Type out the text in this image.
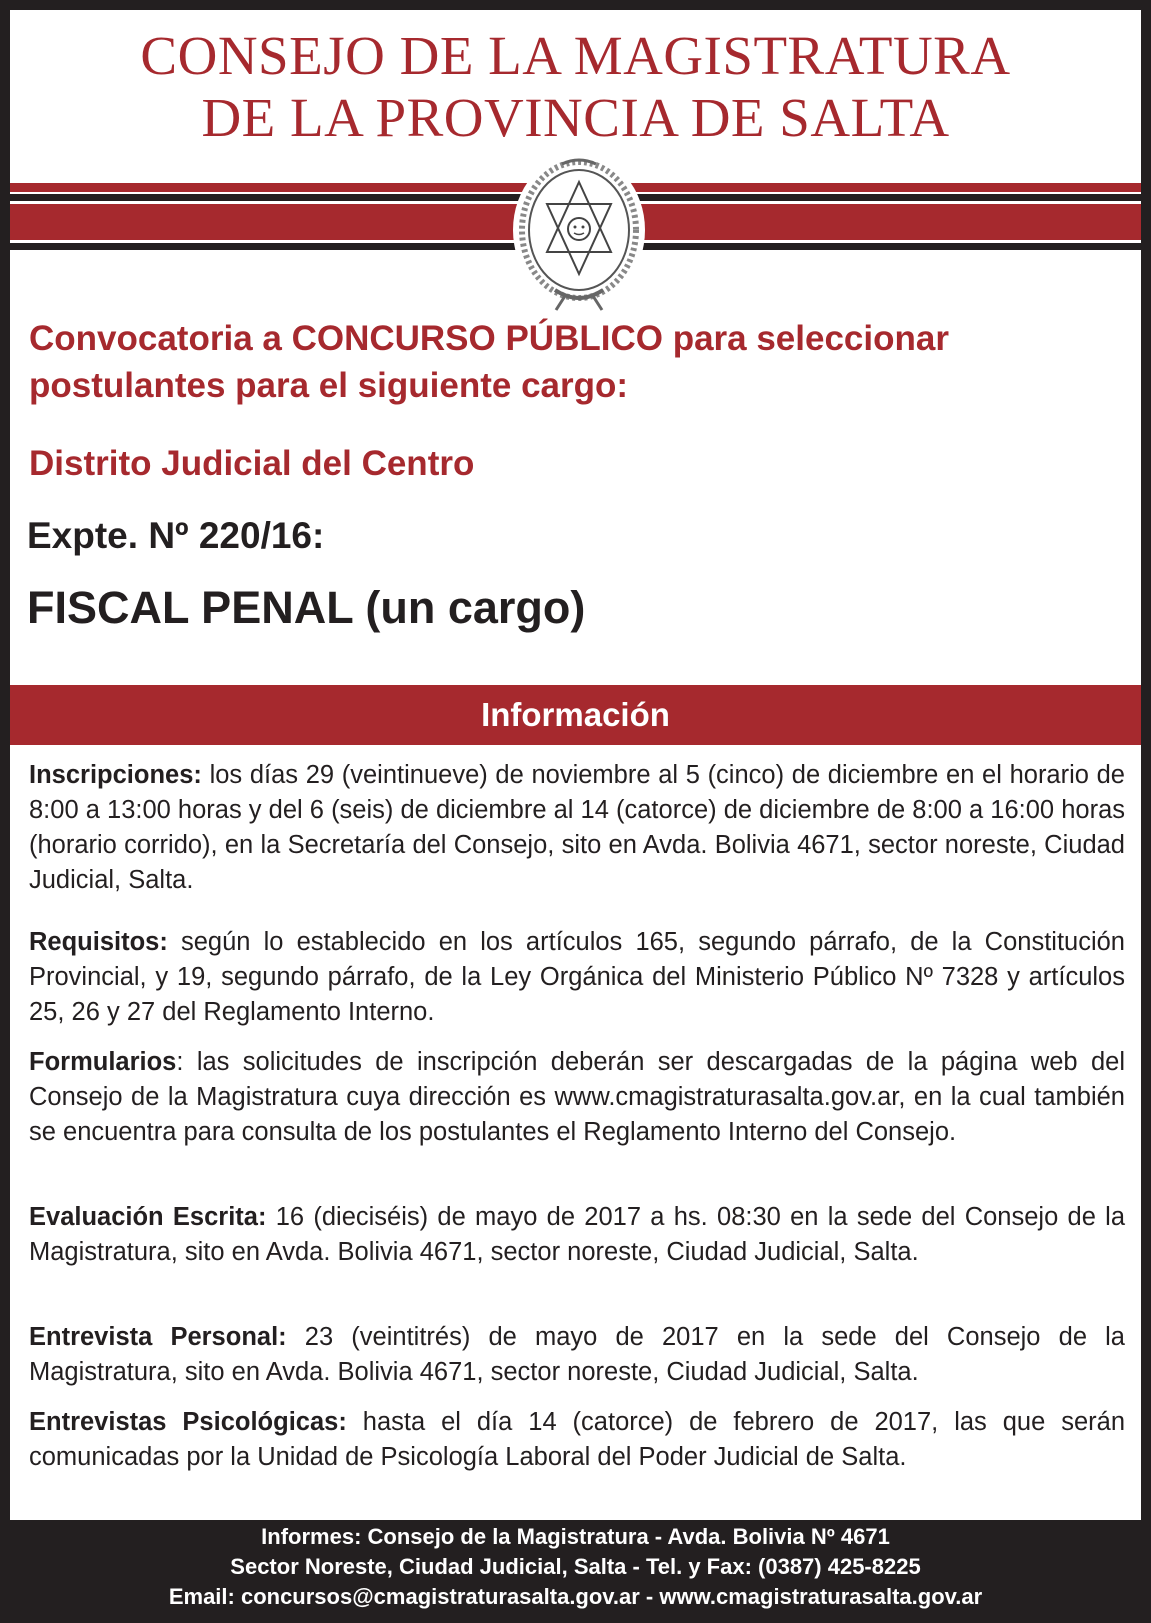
CONSEJO DE LA MAGISTRATURA
DE LA PROVINCIA DE SALTA
Convocatoria a CONCURSO PÚBLICO para seleccionar
postulantes para el siguiente cargo:
Distrito Judicial del Centro
Expte. Nº 220/16:
FISCAL PENAL (un cargo)
Información
Inscripciones: los días 29 (veintinueve) de noviembre al 5 (cinco) de diciembre en el horario de 8:00 a 13:00 horas y del 6 (seis) de diciembre al 14 (catorce) de diciembre de 8:00 a 16:00 horas (horario corrido), en la Secretaría del Consejo, sito en Avda. Bolivia 4671, sector noreste, Ciudad Judicial, Salta.
Requisitos: según lo establecido en los artículos 165, segundo párrafo, de la Constitución Provincial, y 19, segundo párrafo, de la Ley Orgánica del Ministerio Público Nº 7328 y artículos 25, 26 y 27 del Reglamento Interno.
Formularios: las solicitudes de inscripción deberán ser descargadas de la página web del Consejo de la Magistratura cuya dirección es www.cmagistraturasalta.gov.ar, en la cual también se encuentra para consulta de los postulantes el Reglamento Interno del Consejo.
Evaluación Escrita: 16 (dieciséis) de mayo de 2017 a hs. 08:30 en la sede del Consejo de la Magistratura, sito en Avda. Bolivia 4671, sector noreste, Ciudad Judicial, Salta.
Entrevista Personal: 23 (veintitrés) de mayo de 2017 en la sede del Consejo de la Magistratura, sito en Avda. Bolivia 4671, sector noreste, Ciudad Judicial, Salta.
Entrevistas Psicológicas: hasta el día 14 (catorce) de febrero de 2017, las que serán comunicadas por la Unidad de Psicología Laboral del Poder Judicial de Salta.
Informes: Consejo de la Magistratura - Avda. Bolivia Nº 4671
Sector Noreste, Ciudad Judicial, Salta - Tel. y Fax: (0387) 425-8225
Email: concursos@cmagistraturasalta.gov.ar - www.cmagistraturasalta.gov.ar
